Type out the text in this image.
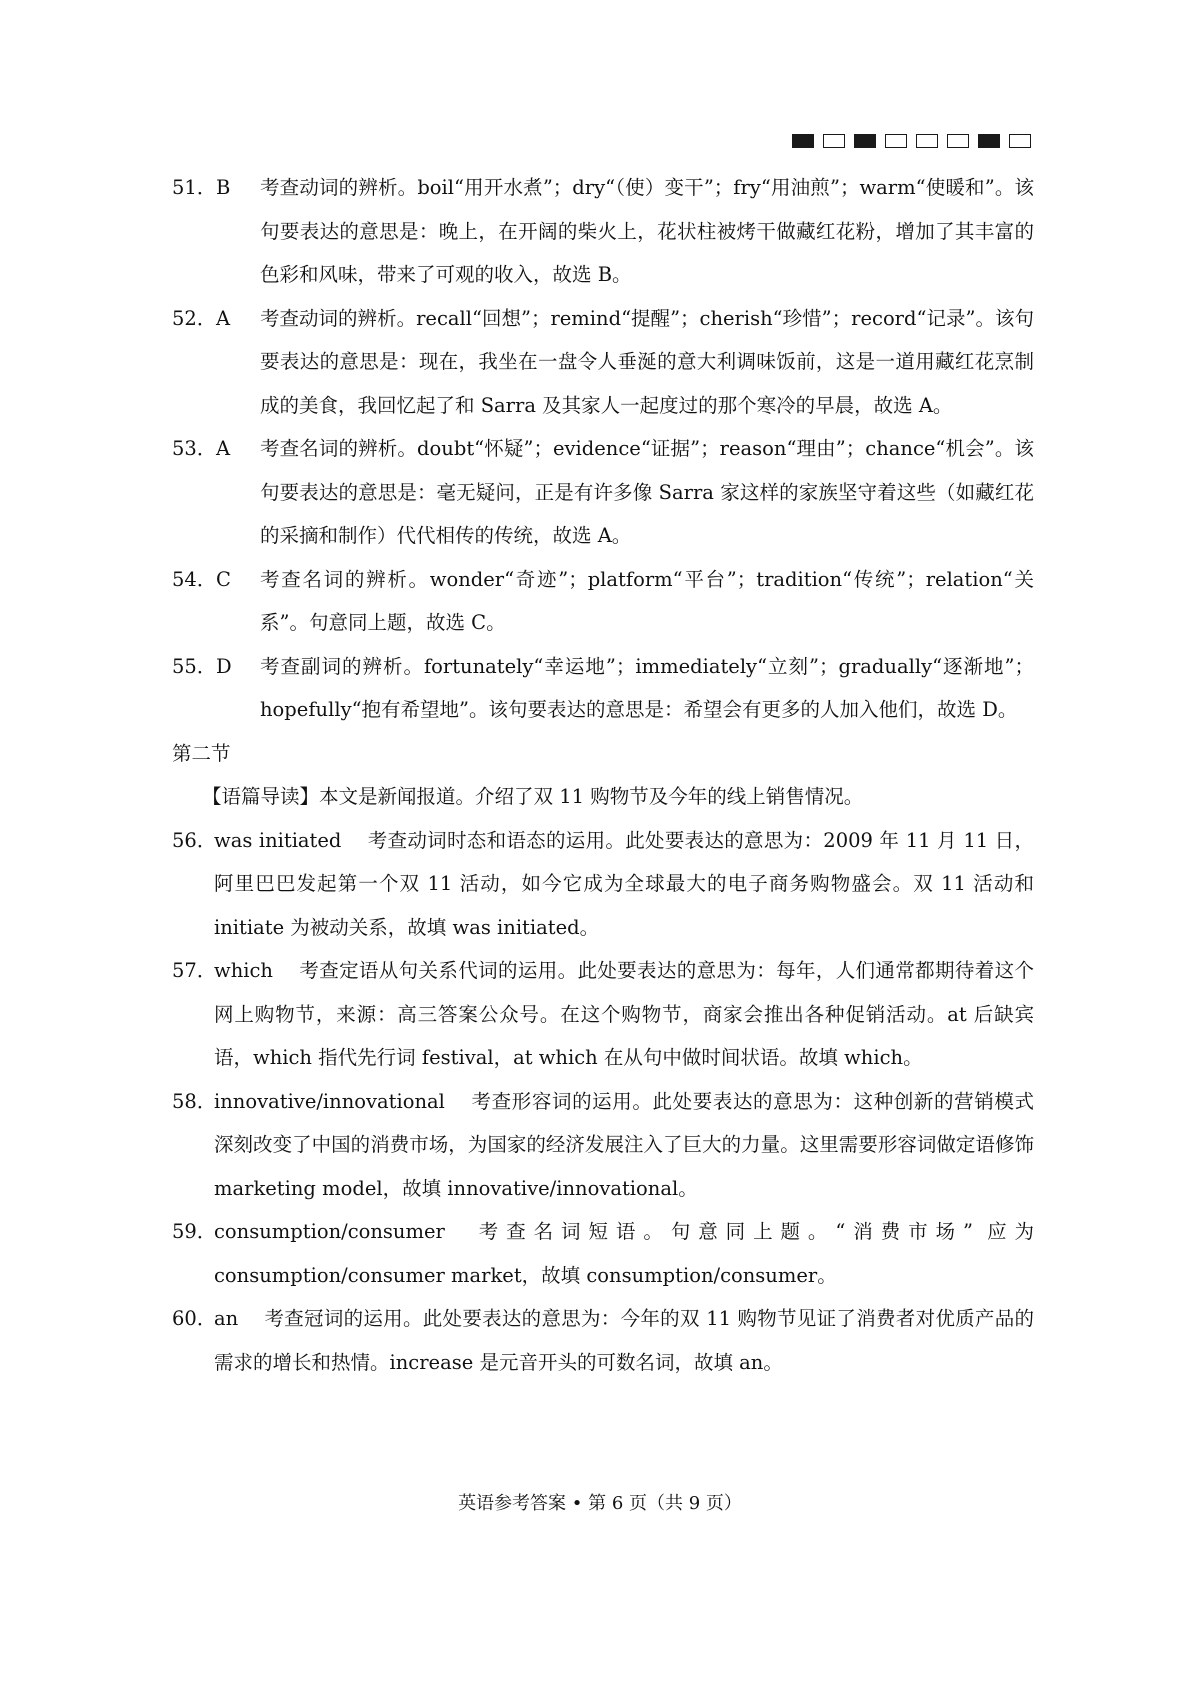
51． B	考查动词的辨析。boil“用开水煮”；dry“（使）变干”；fry“用油煎”；warm“使暖和”。该句要表达的意思是：晚上，在开阔的柴火上，花状柱被烤干做藏红花粉，增加了其丰富的色彩和风味，带来了可观的收入，故选 B。
52． A	考查动词的辨析。recall“回想”；remind“提醒”；cherish“珍惜”；record“记录”。该句要表达的意思是：现在，我坐在一盘令人垂涎的意大利调味饭前，这是一道用藏红花烹制成的美食，我回忆起了和 Sarra 及其家人一起度过的那个寒冷的早晨，故选 A。
53． A	考查名词的辨析。doubt“怀疑”；evidence“证据”；reason“理由”；chance“机会”。该句要表达的意思是：毫无疑问，正是有许多像 Sarra 家这样的家族坚守着这些（如藏红花的采摘和制作）代代相传的传统，故选 A。
54． C	考查名词的辨析。wonder“奇迹”；platform“平台”；tradition“传统”；relation“关系”。句意同上题，故选 C。
55． D	考查副词的辨析。fortunately“幸运地”；immediately“立刻”；gradually“逐渐地”；hopefully“抱有希望地”。该句要表达的意思是：希望会有更多的人加入他们，故选 D。
第二节
【语篇导读】本文是新闻报道。介绍了双 11 购物节及今年的线上销售情况。
56．
was initiated 考查动词时态和语态的运用。此处要表达的意思为：2009 年 11 月 11 日，阿里巴巴发起第一个双 11 活动，如今它成为全球最大的电子商务购物盛会。双 11 活动和 initiate 为被动关系，故填 was initiated。
57．
which 考查定语从句关系代词的运用。此处要表达的意思为：每年，人们通常都期待着这个网上购物节，来源：高三答案公众号。在这个购物节，商家会推出各种促销活动。at 后缺宾语，which 指代先行词 festival，at which 在从句中做时间状语。故填 which。
58．
innovative/innovational 考查形容词的运用。此处要表达的意思为：这种创新的营销模式深刻改变了中国的消费市场，为国家的经济发展注入了巨大的力量。这里需要形容词做定语修饰 marketing model，故填 innovative/innovational。
59．
consumption/consumer 考查名词短语。句意同上题。“消费市场” 应为 consumption/consumer market，故填 consumption/consumer。
60．
an 考查冠词的运用。此处要表达的意思为：今年的双 11 购物节见证了消费者对优质产品的需求的增长和热情。increase 是元音开头的可数名词，故填 an。
英语参考答案 • 第 6 页（共 9 页）
